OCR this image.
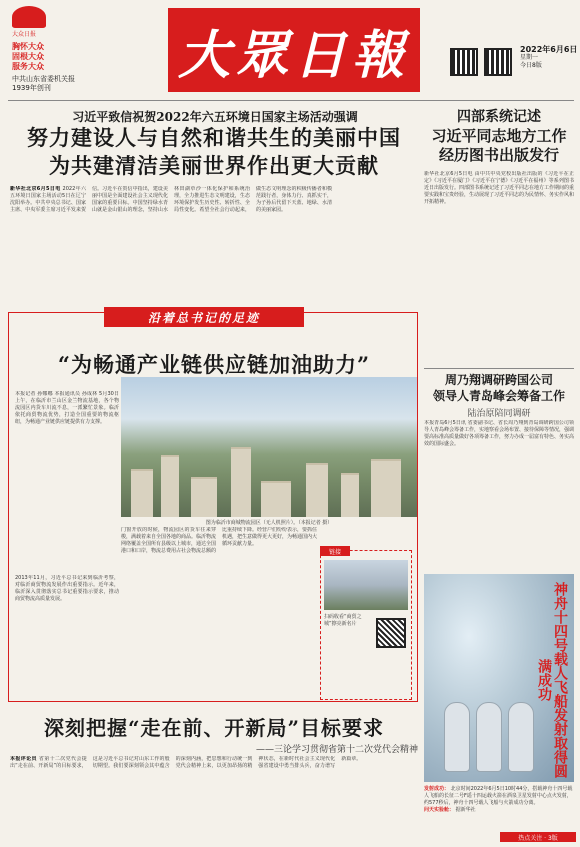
大众日报
胸怀大众
固根大众
服务大众
中共山东省委机关报
1939年创刊
大眾日報	2022年6月6日
星期一
今日8版
习近平致信祝贺2022年六五环境日国家主场活动强调
努力建设人与自然和谐共生的美丽中国
为共建清洁美丽世界作出更大贡献
新华社北京6月5日电 2022年六五环境日国家主场活动5日在辽宁沈阳举办。中共中央总书记、国家主席、中央军委主席习近平发来贺信。习近平在贺信中指出，建设美丽中国是全面建设社会主义现代化国家的重要目标。中国坚持绿水青山就是金山银山的理念，坚持山水林田湖草沙一体化保护和系统治理，全力推进生态文明建设，生态环境保护发生历史性、转折性、全局性变化。希望全社会行动起来，做生态文明理念的积极传播者和模范践行者，身体力行、真抓实干，为子孙后代留下天蓝、地绿、水清的美丽家园。
四部系统记述
习近平同志地方工作
经历图书出版发行
新华社北京6月5日电 由中共中央党校出版社出版的《习近平在正定》《习近平在厦门》《习近平在宁德》《习近平在福州》等系列图书近日出版发行。四部图书系统记述了习近平同志在地方工作期间的重要实践和宝贵经验，生动展现了习近平同志的为民情怀、务实作风和开拓精神。
周乃翔调研跨国公司
领导人青岛峰会筹备工作
陆治原陪同调研
本报青岛6月5日讯 省委副书记、省长周乃翔到青岛调研跨国公司领导人青岛峰会筹备工作，实地察看会场布置、接待保障等情况，强调要高标准高质量做好各项筹备工作，努力办成一届富有特色、务实高效的国际盛会。
沿着总书记的足迹
“为畅通产业链供应链加油助力”
本报记者 孙娜娜 本报通讯员 孙成林 5月30日上午，在临沂市兰山区金兰物流基地，各个物流园区内货车川流不息，一派繁忙景象。临沂依托商贸物流优势，打造全国重要的物流枢纽，为畅通产业链供应链提供有力支撑。
图为临沂市商城物流园区（无人机照片）。（本报记者 摄）
门窗开放的时候，物流园区的货车往来穿梭，满载着来自全国各地的商品。临沂物流网络覆盖全国所有县级以上城市，通达全国港口和口岸，物流总费用占社会物流总额的比重持续下降。经营户们纷纷表示，要抓住机遇，把生意做得更大更好，为畅通国内大循环贡献力量。
2013年11月，习近平总书记来到临沂考察，对临沂商贸物流发展作出重要指示。近年来，临沂深入贯彻落实总书记重要指示要求，推动商贸物流高质量发展。
链接
扫码收看“商贸之城”擦亮新名片
深刻把握“走在前、开新局”目标要求
——三论学习贯彻省第十二次党代会精神
本报评论员 省第十二次党代会提出“走在前、开新局”的目标要求，这是习近平总书记对山东工作的殷切期望。我们要深刻领会其中蕴含的深刻内涵，把思想和行动统一到党代会精神上来，以更加昂扬的精神状态，在新时代社会主义现代化强省建设中勇当排头兵，奋力谱写新篇章。	神舟十四号载人飞船发射取得圆满成功
发射成功： 北京时间2022年6月5日10时44分，搭载神舟十四号载人飞船的长征二号F遥十四运载火箭在酒泉卫星发射中心点火发射，约577秒后，神舟十四号载人飞船与火箭成功分离。
问天实验舱： 据新华社
热点关注 · 3版
